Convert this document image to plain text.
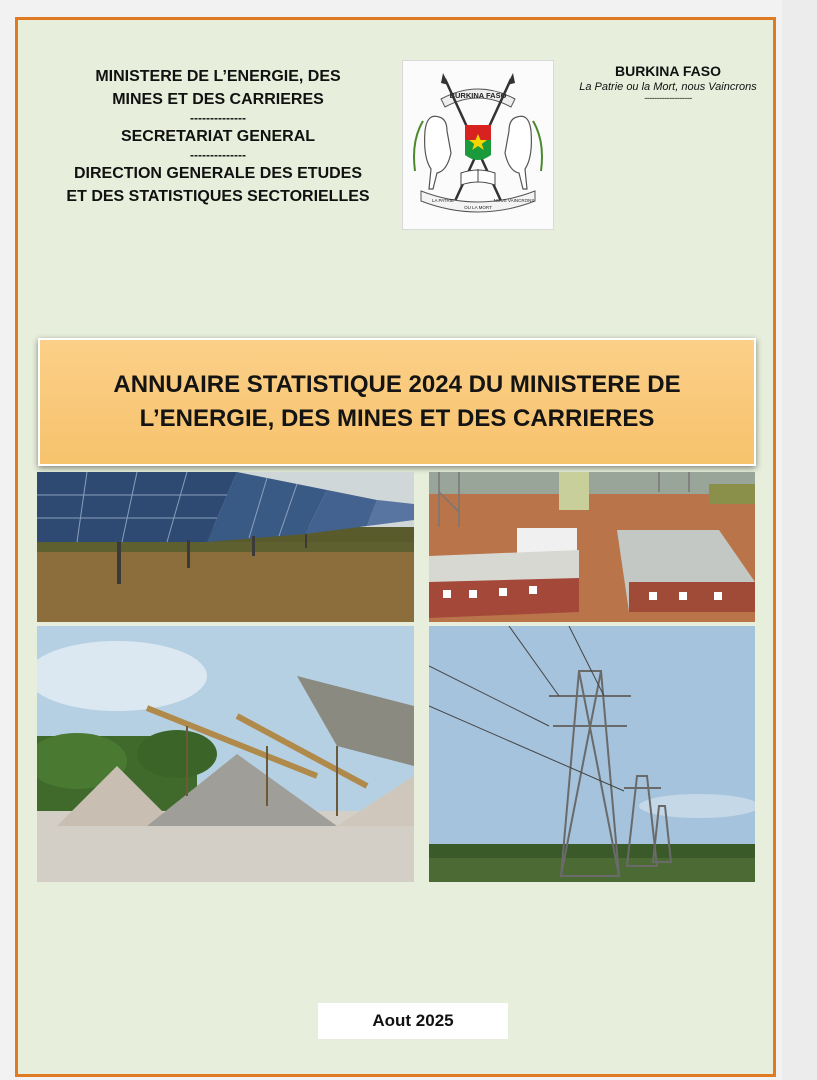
MINISTERE DE L’ENERGIE, DES
MINES ET DES CARRIERES
--------------
SECRETARIAT GENERAL
--------------
DIRECTION GENERALE DES ETUDES
ET DES STATISTIQUES SECTORIELLES
BURKINA FASO
LA PATRIE
OU LA MORT
NOUS VAINCRONS
BURKINA FASO
La Patrie ou la Mort, nous Vaincrons
-------------------
ANNUAIRE STATISTIQUE 2024 DU MINISTERE DE
L’ENERGIE, DES MINES ET DES CARRIERES
Aout 2025
